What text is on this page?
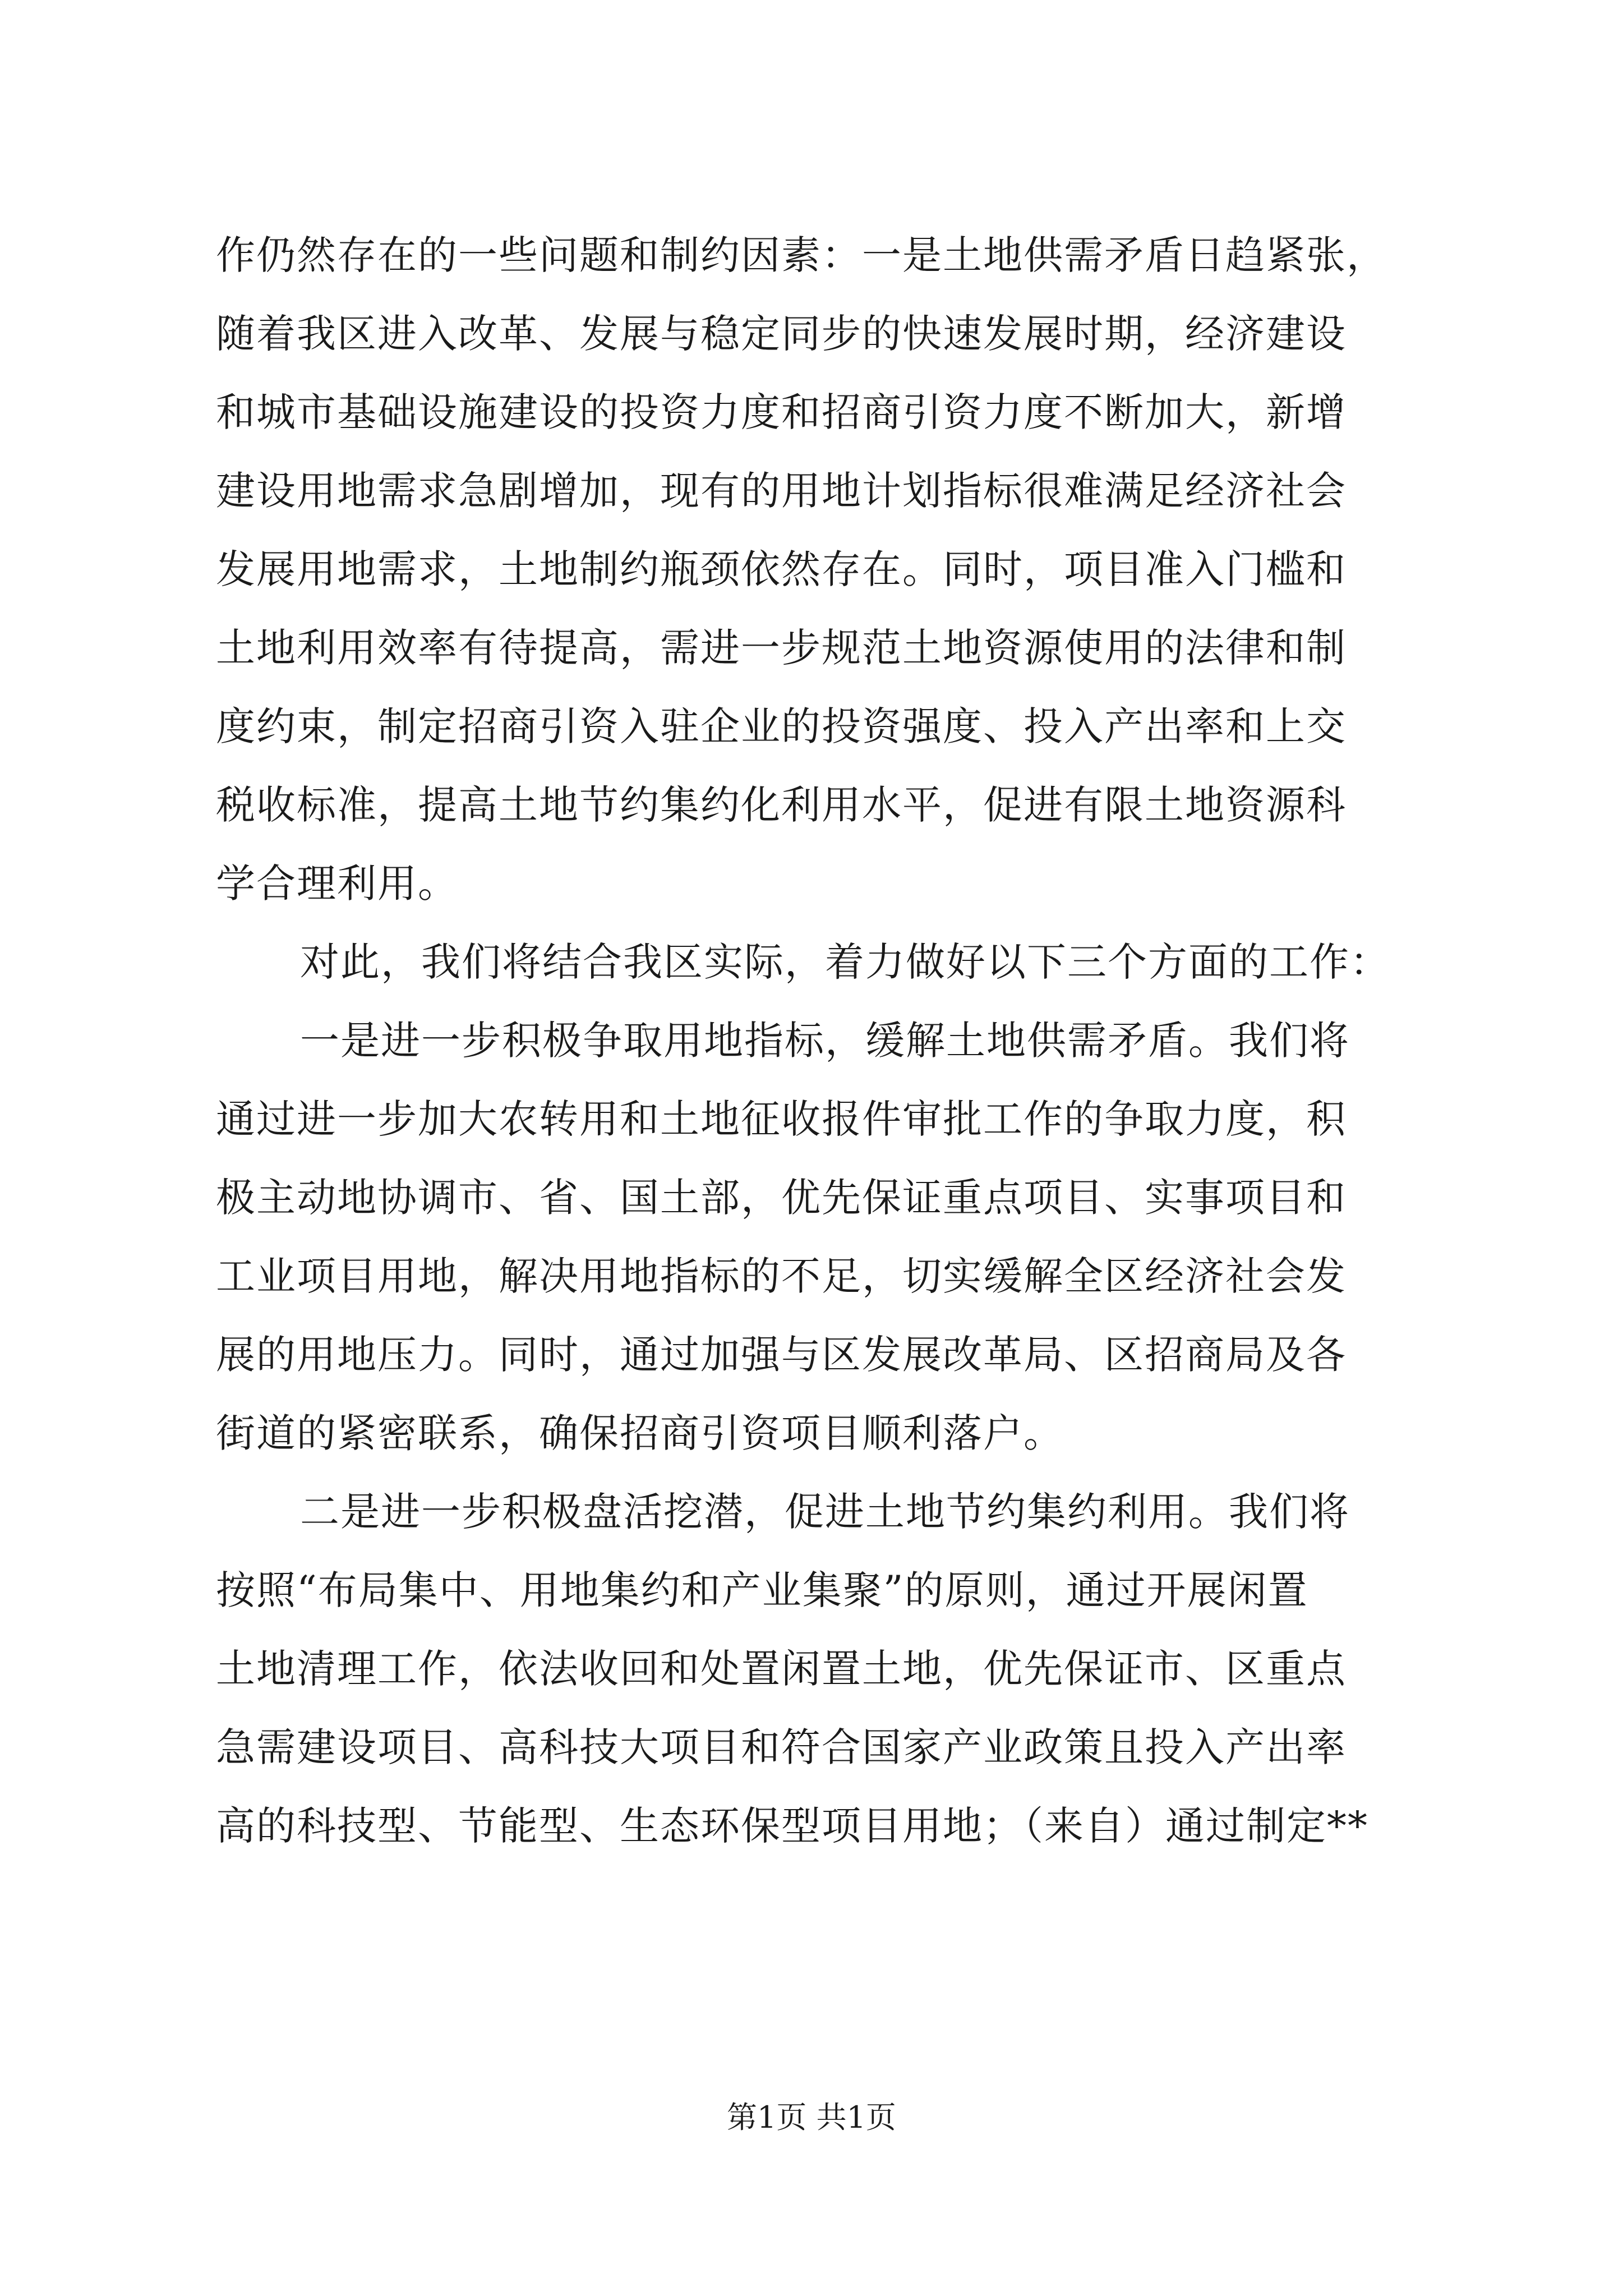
作仍然存在的一些问题和制约因素：一是土地供需矛盾日趋紧张，
随着我区进入改革、发展与稳定同步的快速发展时期，经济建设
和城市基础设施建设的投资力度和招商引资力度不断加大，新增
建设用地需求急剧增加，现有的用地计划指标很难满足经济社会
发展用地需求，土地制约瓶颈依然存在。同时，项目准入门槛和
土地利用效率有待提高，需进一步规范土地资源使用的法律和制
度约束，制定招商引资入驻企业的投资强度、投入产出率和上交
税收标准，提高土地节约集约化利用水平，促进有限土地资源科
学合理利用。
对此，我们将结合我区实际，着力做好以下三个方面的工作：
一是进一步积极争取用地指标，缓解土地供需矛盾。我们将
通过进一步加大农转用和土地征收报件审批工作的争取力度，积
极主动地协调市、省、国土部，优先保证重点项目、实事项目和
工业项目用地，解决用地指标的不足，切实缓解全区经济社会发
展的用地压力。同时，通过加强与区发展改革局、区招商局及各
街道的紧密联系，确保招商引资项目顺利落户。
二是进一步积极盘活挖潜，促进土地节约集约利用。我们将
按照“布局集中、用地集约和产业集聚”的原则，通过开展闲置
土地清理工作，依法收回和处置闲置土地，优先保证市、区重点
急需建设项目、高科技大项目和符合国家产业政策且投入产出率
高的科技型、节能型、生态环保型项目用地；（来自）通过制定**
第1页 共1页
